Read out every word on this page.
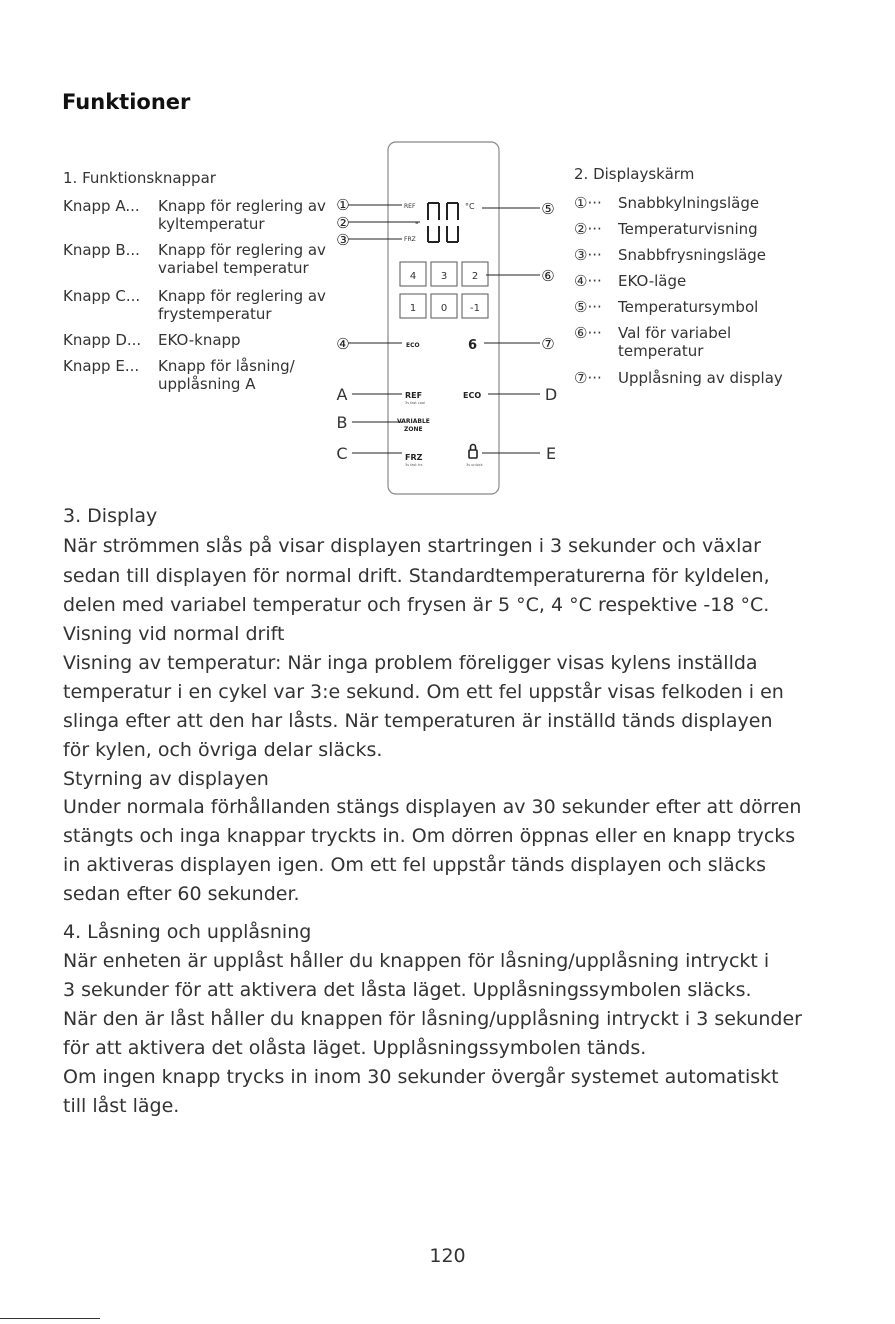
Funktioner
1. Funktionsknappar
Knapp A... Knapp för reglering av
kyltemperatur
Knapp B... Knapp för reglering av
variabel temperatur
Knapp C... Knapp för reglering av
frystemperatur
Knapp D... EKO-knapp
Knapp E... Knapp för låsning/
upplåsning A
2. Displayskärm
①··· Snabbkylningsläge
②··· Temperaturvisning
③··· Snabbfrysningsläge
④··· EKO-läge
⑤··· Temperatursymbol
⑥··· Val för variabel
temperatur
⑦··· Upplåsning av display
REF
FRZ
-
°C
4 3 2
1 0 -1
ECO	6
REF
3s fast cool
ECO
VARIABLE
ZONE
FRZ
3s fast frz.	3s unlock
①
②
③
④
⑤
⑥
⑦
A
B
C
D
E
3. Display
När strömmen slås på visar displayen startringen i 3 sekunder och växlar
sedan till displayen för normal drift. Standardtemperaturerna för kyldelen,
delen med variabel temperatur och frysen är 5 °C, 4 °C respektive -18 °C.
Visning vid normal drift
Visning av temperatur: När inga problem föreligger visas kylens inställda
temperatur i en cykel var 3:e sekund. Om ett fel uppstår visas felkoden i en
slinga efter att den har låsts. När temperaturen är inställd tänds displayen
för kylen, och övriga delar släcks.
Styrning av displayen
Under normala förhållanden stängs displayen av 30 sekunder efter att dörren
stängts och inga knappar tryckts in. Om dörren öppnas eller en knapp trycks
in aktiveras displayen igen. Om ett fel uppstår tänds displayen och släcks
sedan efter 60 sekunder.
4. Låsning och upplåsning
När enheten är upplåst håller du knappen för låsning/upplåsning intryckt i
3 sekunder för att aktivera det låsta läget. Upplåsningssymbolen släcks.
När den är låst håller du knappen för låsning/upplåsning intryckt i 3 sekunder
för att aktivera det olåsta läget. Upplåsningssymbolen tänds.
Om ingen knapp trycks in inom 30 sekunder övergår systemet automatiskt
till låst läge.
120
